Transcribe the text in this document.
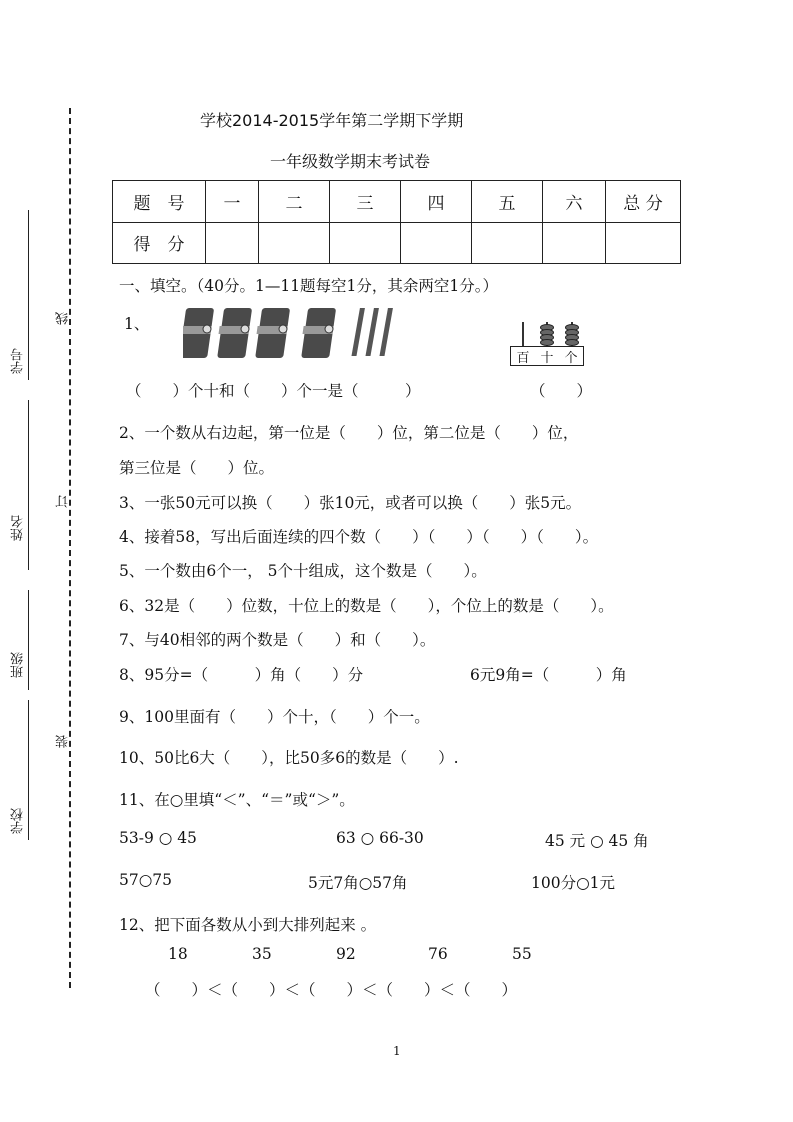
学号
姓名
班级
学校
线
订
装
学校2014-2015学年第二学期下学期
一年级数学期末考试卷
题　号	一	二	三	四	五	六	总 分
得　分							
一、填空。（40分。1—11题每空1分，其余两空1分。）
1、
百 十 个
（　　）个十和（　　）个一是（　　　）	（　　）
2、一个数从右边起，第一位是（　　）位，第二位是（　　）位，
第三位是（　　）位。
3、一张50元可以换（　　）张10元，或者可以换（　　）张5元。
4、接着58，写出后面连续的四个数（　　）（　　）（　　）（　　）。
5、一个数由6个一， 5个十组成，这个数是（　　）。
6、32是（　　）位数，十位上的数是（　　），个位上的数是（　　）。
7、与40相邻的两个数是（　　）和（　　）。
8、95分=（　　　）角（　　）分	6元9角=（　　　）角
9、100里面有（　　）个十，（　　）个一。
10、50比6大（　　），比50多6的数是（　　）.
11、在○里填“＜”、“＝”或“＞”。
53-9 ○ 45	63 ○ 66-30	45 元 ○ 45 角
57○75	5元7角○57角	100分○1元
12、把下面各数从小到大排列起来 。
18	35	92	76	55
（　　）＜（　　）＜（　　）＜（　　）＜（　　）
1
